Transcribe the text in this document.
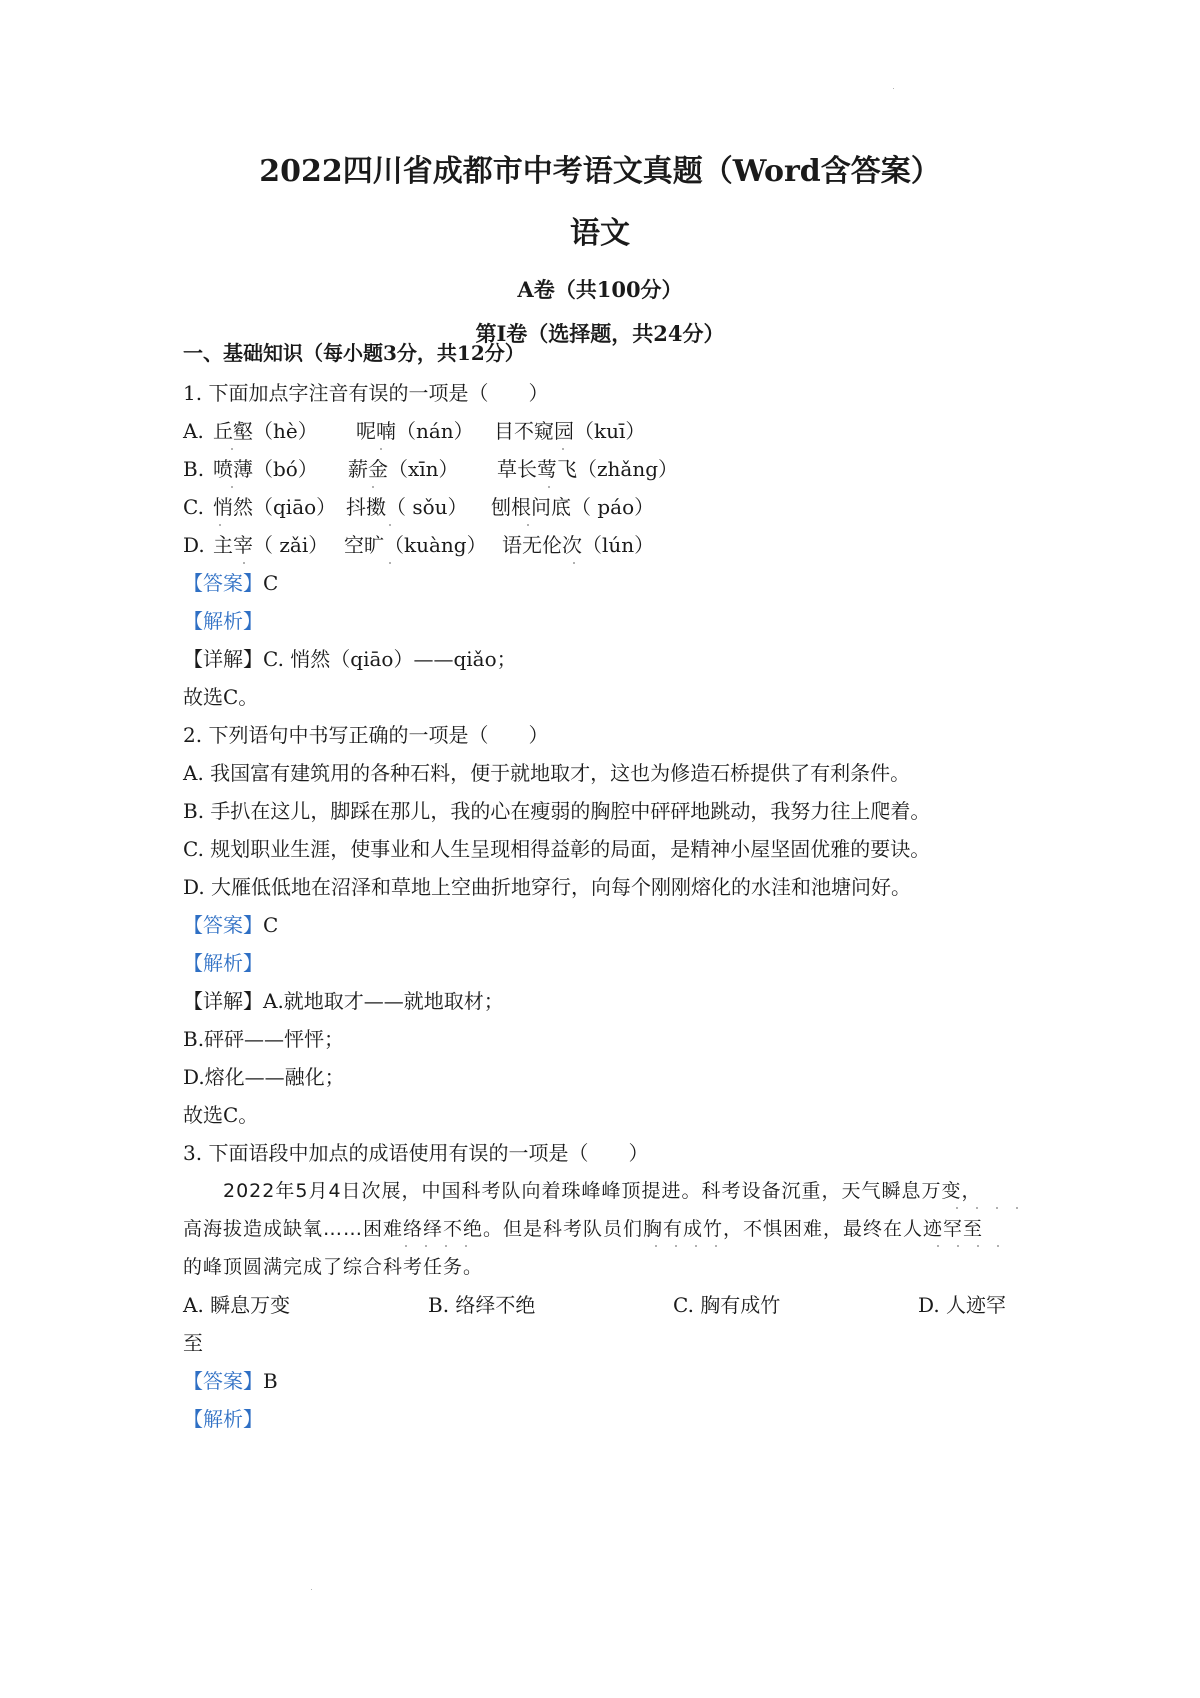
2022四川省成都市中考语文真题（Word含答案）
语文
A卷（共100分）
第Ⅰ卷（选择题，共24分）
一、基础知识（每小题3分，共12分）
1. 下面加点字注音有误的一项是（　　）
A. 丘壑（hè） 呢喃（nán） 目不窥园（kuī）
B. 喷薄（bó） 薪金（xīn） 草长莺飞（zhǎng）
C. 悄然（qiāo） 抖擞（ sǒu） 刨根问底（ páo）
D. 主宰（ zǎi） 空旷（kuàng） 语无伦次（lún）
【答案】C
【解析】
【详解】C. 悄然（qiāo）——qiǎo；
故选C。
2. 下列语句中书写正确的一项是（　　）
A. 我国富有建筑用的各种石料，便于就地取才，这也为修造石桥提供了有利条件。
B. 手扒在这儿，脚踩在那儿，我的心在瘦弱的胸腔中砰砰地跳动，我努力往上爬着。
C. 规划职业生涯，使事业和人生呈现相得益彰的局面，是精神小屋坚固优雅的要诀。
D. 大雁低低地在沼泽和草地上空曲折地穿行，向每个刚刚熔化的水洼和池塘问好。
【答案】C
【解析】
【详解】A.就地取才——就地取材；
B.砰砰——怦怦；
D.熔化——融化；
故选C。
3. 下面语段中加点的成语使用有误的一项是（　　）
2022年5月4日次展，中国科考队向着珠峰峰顶提进。科考设备沉重，天气瞬息万变，
高海拔造成缺氧……困难络绎不绝。但是科考队员们胸有成竹，不惧困难，最终在人迹罕至
的峰顶圆满完成了综合科考任务。
A. 瞬息万变	B. 络绎不绝	C. 胸有成竹	D. 人迹罕
至
【答案】B
【解析】
